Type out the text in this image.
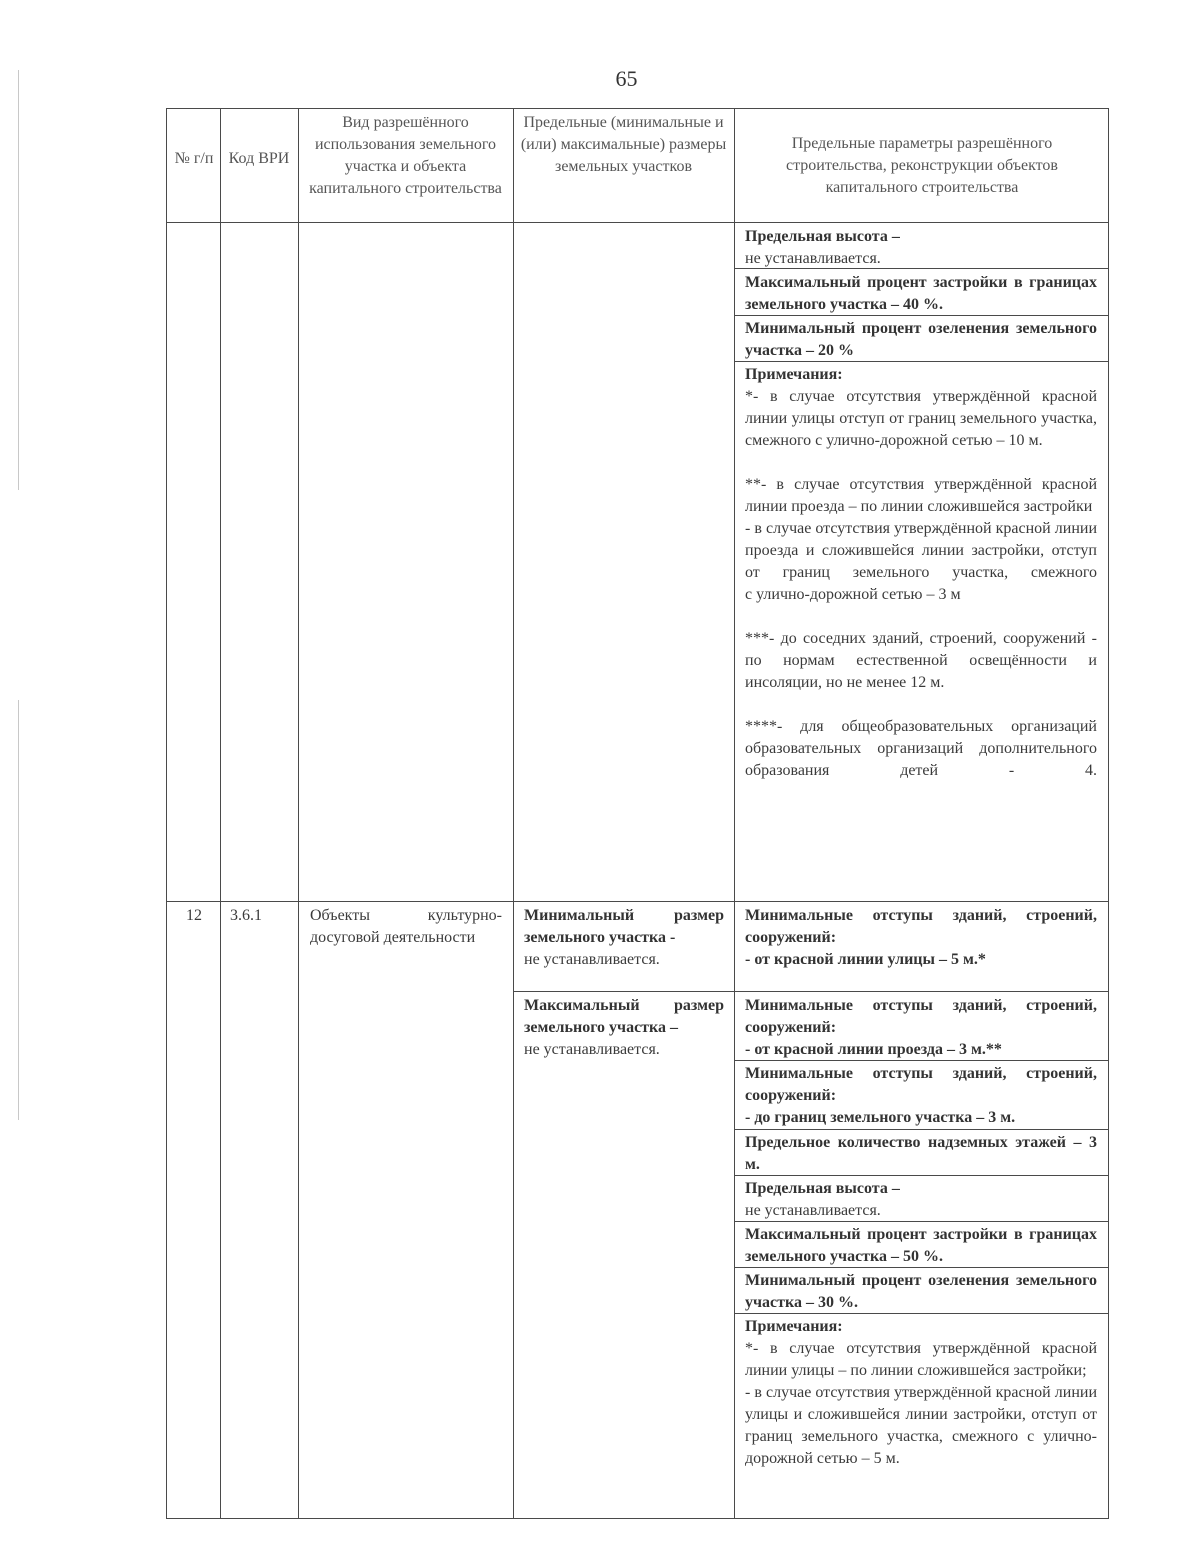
65
№ г/п Код ВРИ
Вид разрешённого использования земельного участка и объекта капитального строительства
Предельные (минимальные и (или) максимальные) размеры земельных участков
Предельные параметры разрешённого строительства, реконструкции объектов капитального строительства

Предельная высота –

не устанавливается.

Максимальный процент застройки в границах земельного участка – 40 %.
Минимальный процент озеленения земельного участка – 20 %

Примечания:

*- в случае отсутствия утверждённой красной линии улицы отступ от границ земельного участка, смежного с улично-дорожной сетью – 10 м.

**- в случае отсутствия утверждённой красной линии проезда – по линии сложившейся застройки

- в случае отсутствия утверждённой красной линии проезда и сложившейся линии застройки, отступ от границ земельного участка, смежного

с улично-дорожной сетью – 3 м

***- до соседних зданий, строений, сооружений - по нормам естественной освещённости и инсоляции, но не менее 12 м.

****- для общеобразовательных организаций образовательных организаций дополнительного образования детей - 4.

12	3.6.1	Объекты культурно-досуговой деятельности

Минимальный размер земельного участка -

не устанавливается.

Максимальный размер земельного участка –

не устанавливается.

Минимальные отступы зданий, строений, сооружений:

- от красной линии улицы – 5 м.*

Минимальные отступы зданий, строений, сооружений:

- от красной линии проезда – 3 м.**

Минимальные отступы зданий, строений, сооружений:

- до границ земельного участка – 3 м.

Предельное количество надземных этажей – 3 м.

Предельная высота –

не устанавливается.

Максимальный процент застройки в границах земельного участка – 50 %.
Минимальный процент озеленения земельного участка – 30 %.

Примечания:

*- в случае отсутствия утверждённой красной линии улицы – по линии сложившейся застройки;

- в случае отсутствия утверждённой красной линии улицы и сложившейся линии застройки, отступ от границ земельного участка, смежного с улично-дорожной сетью – 5 м.
